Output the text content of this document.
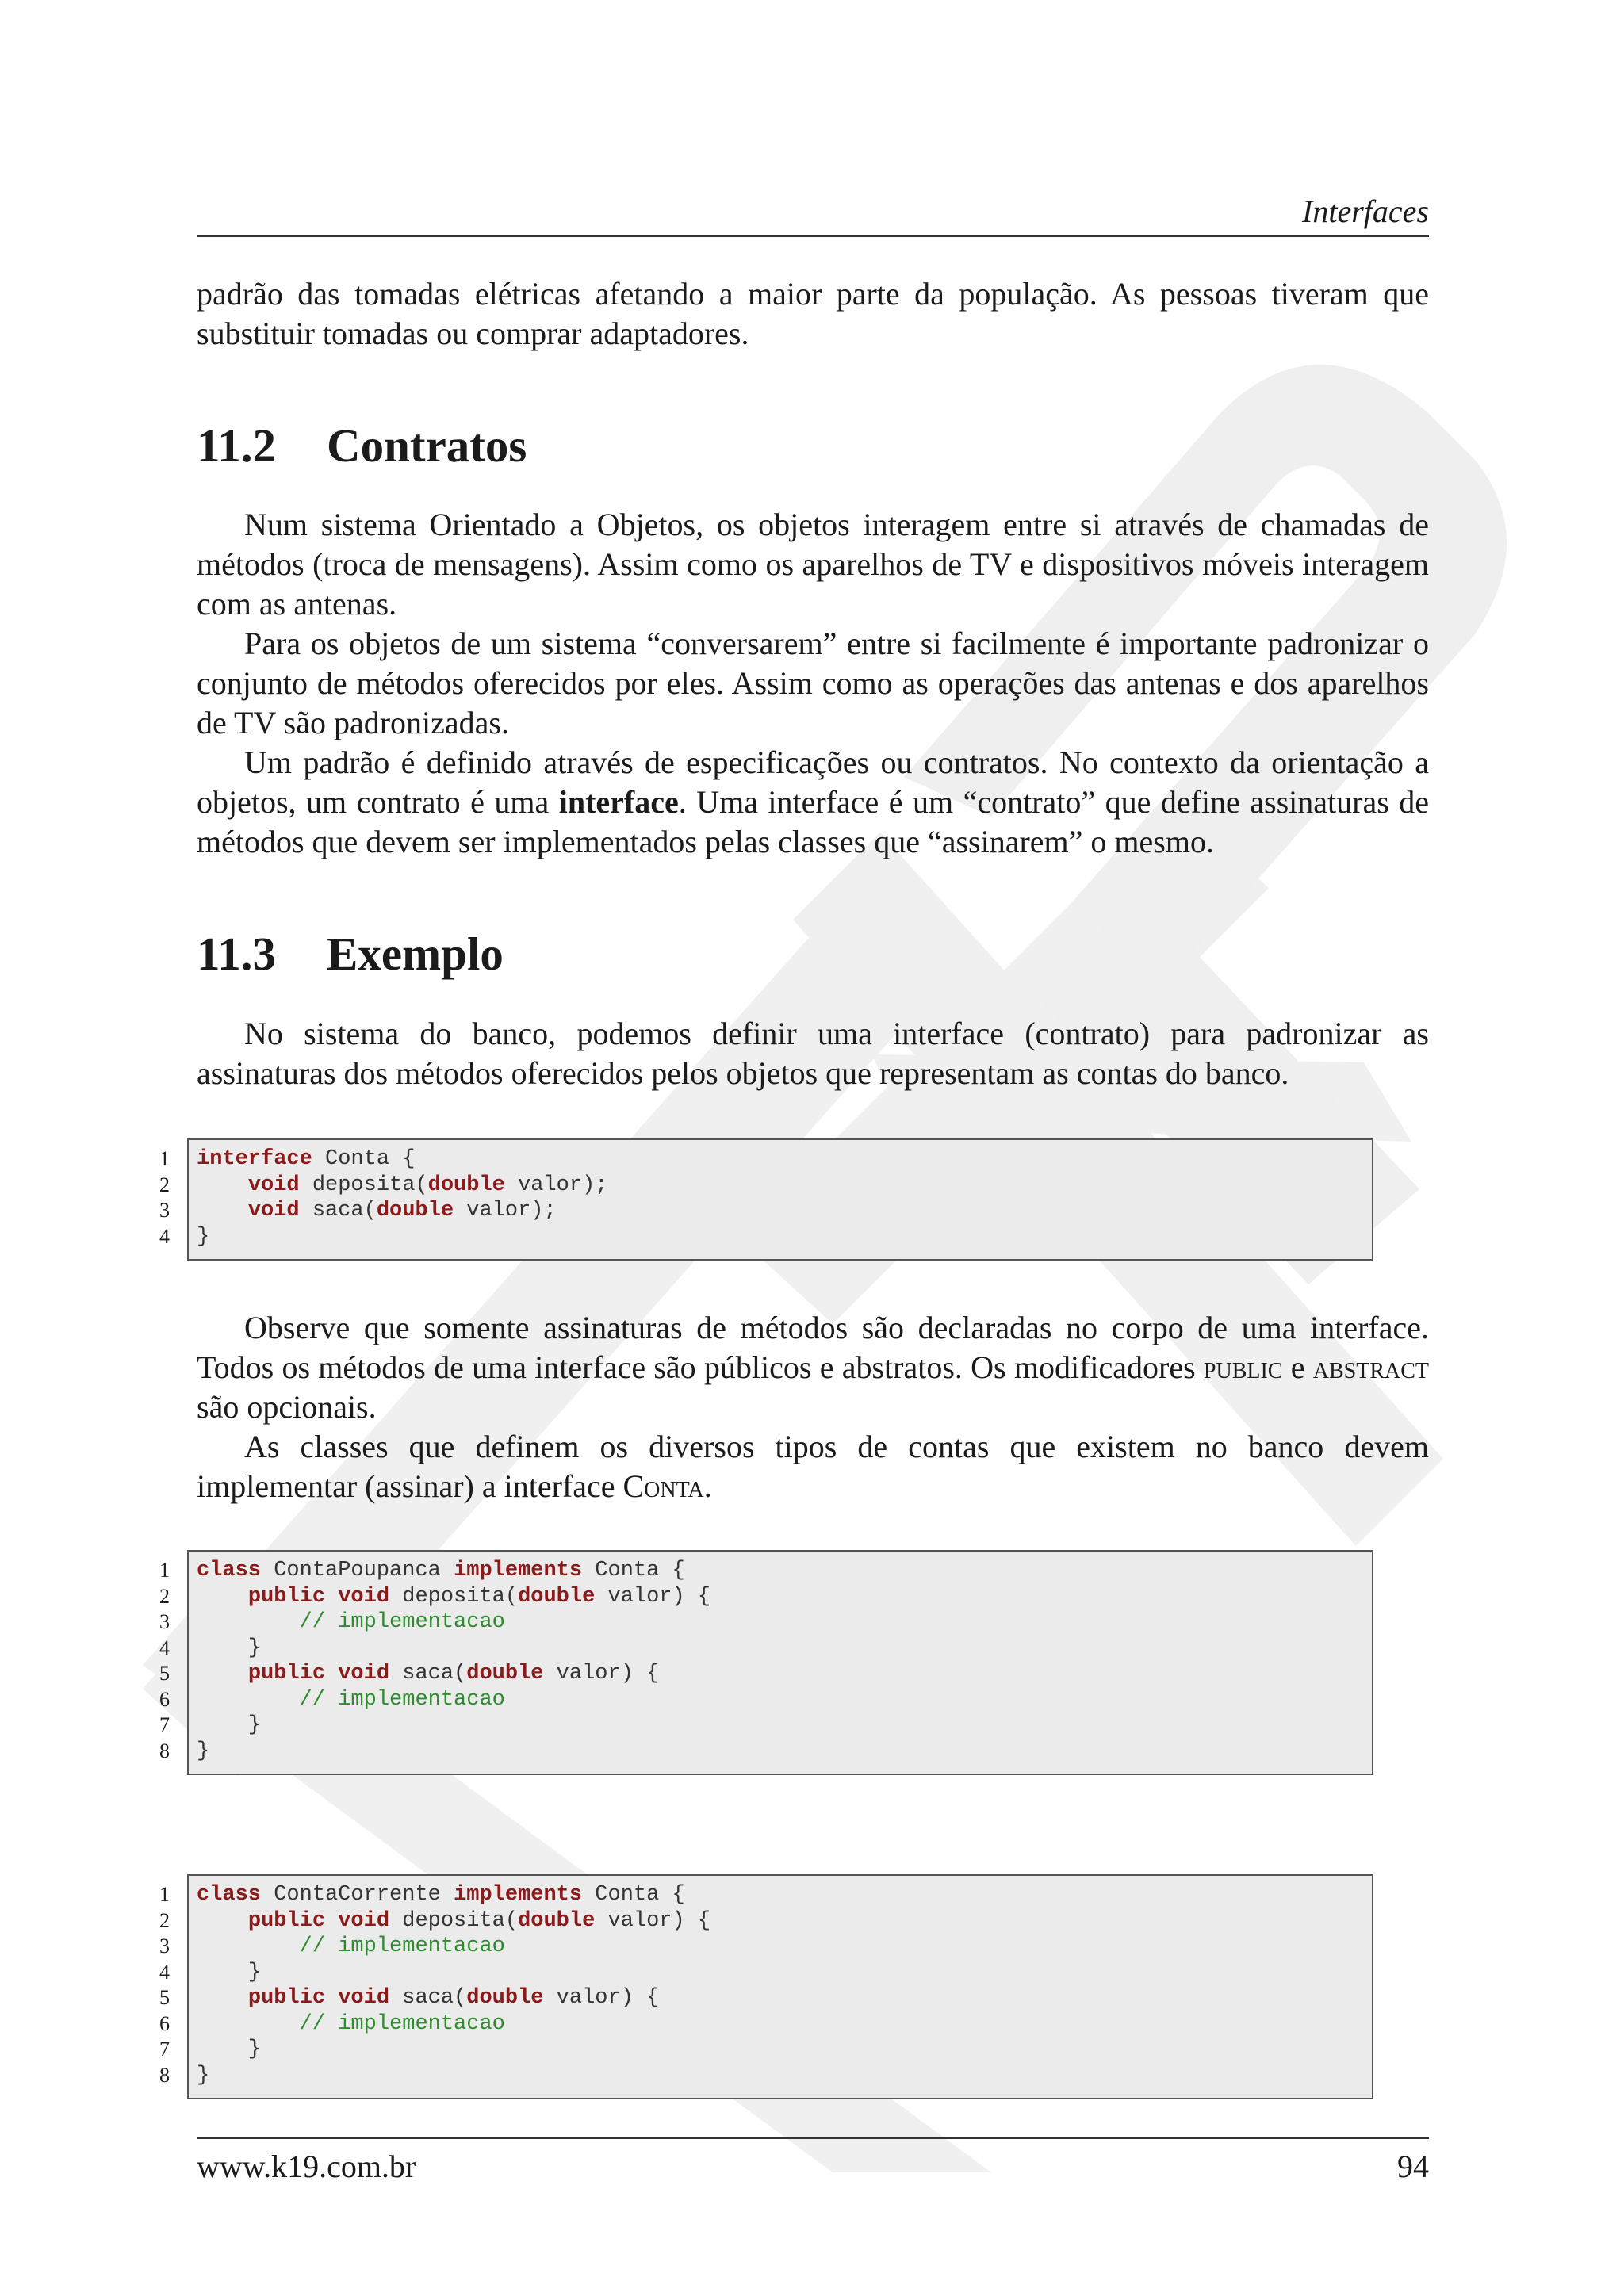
Interfaces

padrão das tomadas elétricas afetando a maior parte da população. As pessoas tiveram que substituir tomadas ou comprar adaptadores.

11.2 Contratos

Num sistema Orientado a Objetos, os objetos interagem entre si através de chamadas de métodos (troca de mensagens). Assim como os aparelhos de TV e dispositivos móveis interagem com as antenas.

Para os objetos de um sistema “conversarem” entre si facilmente é importante padronizar o conjunto de métodos oferecidos por eles. Assim como as operações das antenas e dos aparelhos de TV são padronizadas.

Um padrão é definido através de especificações ou contratos. No contexto da orientação a objetos, um contrato é uma interface. Uma interface é um “contrato” que define assinaturas de métodos que devem ser implementados pelas classes que “assinarem” o mesmo.

11.3 Exemplo

No sistema do banco, podemos definir uma interface (contrato) para padronizar as assinaturas dos métodos oferecidos pelos objetos que representam as contas do banco.

1
2
3
4
interface Conta {
void deposita(double valor);
void saca(double valor);
}

Observe que somente assinaturas de métodos são declaradas no corpo de uma interface. Todos os métodos de uma interface são públicos e abstratos. Os modificadores public e abstract são opcionais.

As classes que definem os diversos tipos de contas que existem no banco devem implementar (assinar) a interface Conta.

1
2
3
4
5
6
7
8
class ContaPoupanca implements Conta {
public void deposita(double valor) {
// implementacao
}
public void saca(double valor) {
// implementacao
}
}
1
2
3
4
5
6
7
8
class ContaCorrente implements Conta {
public void deposita(double valor) {
// implementacao
}
public void saca(double valor) {
// implementacao
}
}
www.k19.com.br	94
